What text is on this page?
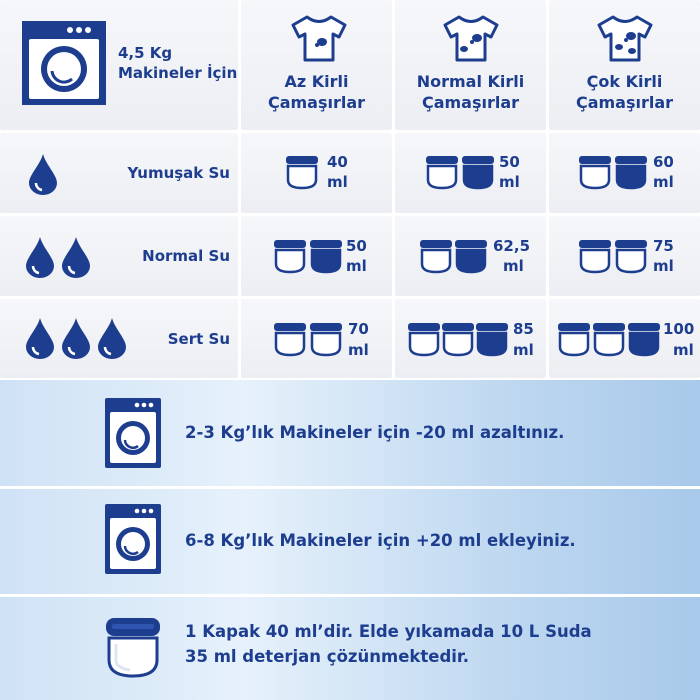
4,5 Kg
Makineler İçin	Az Kirli
Çamaşırlar
Normal Kirli
Çamaşırlar
Çok Kirli
Çamaşırlar
Yumuşak Su
40
ml
50
ml
60
ml
Normal Su
50
ml
62,5
ml
75
ml
Sert Su
70
ml
85
ml
100
ml
2-3 Kg’lık Makineler için -20 ml azaltınız.
6-8 Kg’lık Makineler için +20 ml ekleyiniz.
1 Kapak 40 ml’dir. Elde yıkamada 10 L Suda
35 ml deterjan çözünmektedir.
